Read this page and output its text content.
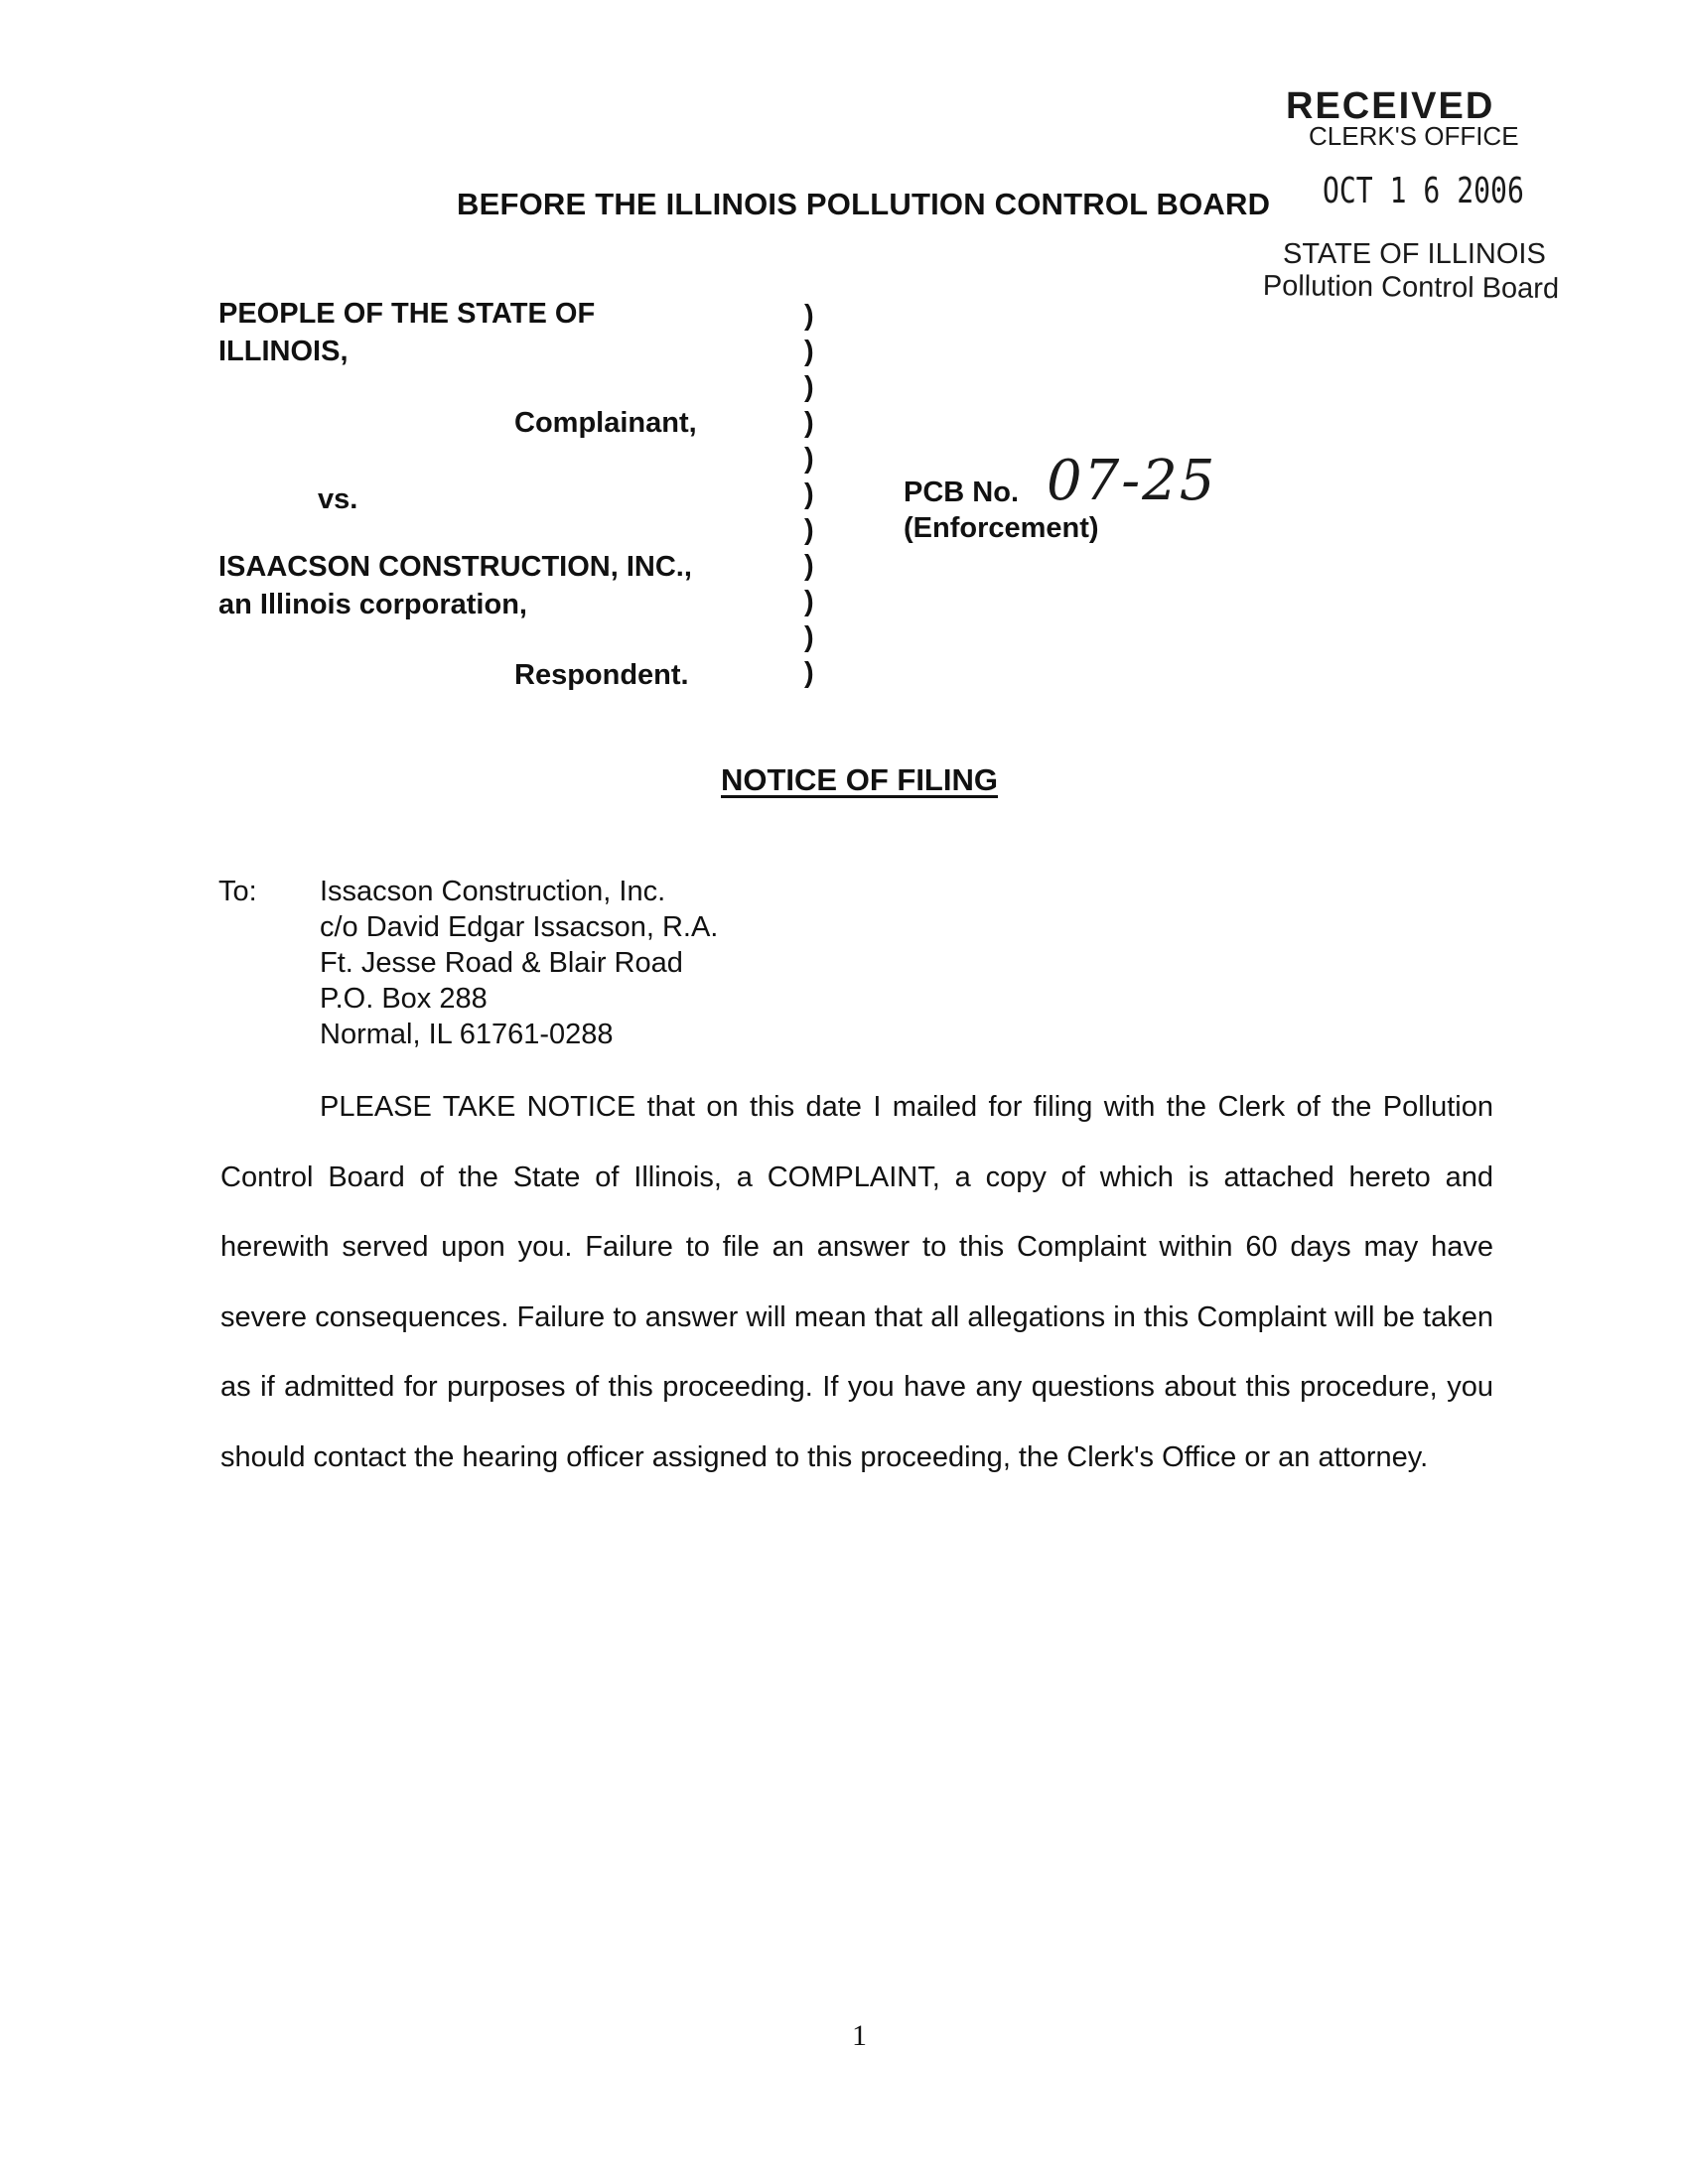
RECEIVED
CLERK'S OFFICE
OCT 1 6 2006
STATE OF ILLINOIS
Pollution Control Board
BEFORE THE ILLINOIS POLLUTION CONTROL BOARD
PEOPLE OF THE STATE OF
ILLINOIS,
Complainant,
vs.
ISAACSON CONSTRUCTION, INC.,
an Illinois corporation,
Respondent.
)
)
)
)
)
)
)
)
)
)
)
PCB No. 07-25
(Enforcement)
NOTICE OF FILING
To: Issacson Construction, Inc.
c/o David Edgar Issacson, R.A.
Ft. Jesse Road & Blair Road
P.O. Box 288
Normal, IL 61761-0288
PLEASE TAKE NOTICE that on this date I mailed for filing with the Clerk of the Pollution Control Board of the State of Illinois, a COMPLAINT, a copy of which is attached hereto and herewith served upon you. Failure to file an answer to this Complaint within 60 days may have severe consequences. Failure to answer will mean that all allegations in this Complaint will be taken as if admitted for purposes of this proceeding. If you have any questions about this procedure, you should contact the hearing officer assigned to this proceeding, the Clerk's Office or an attorney.
1
